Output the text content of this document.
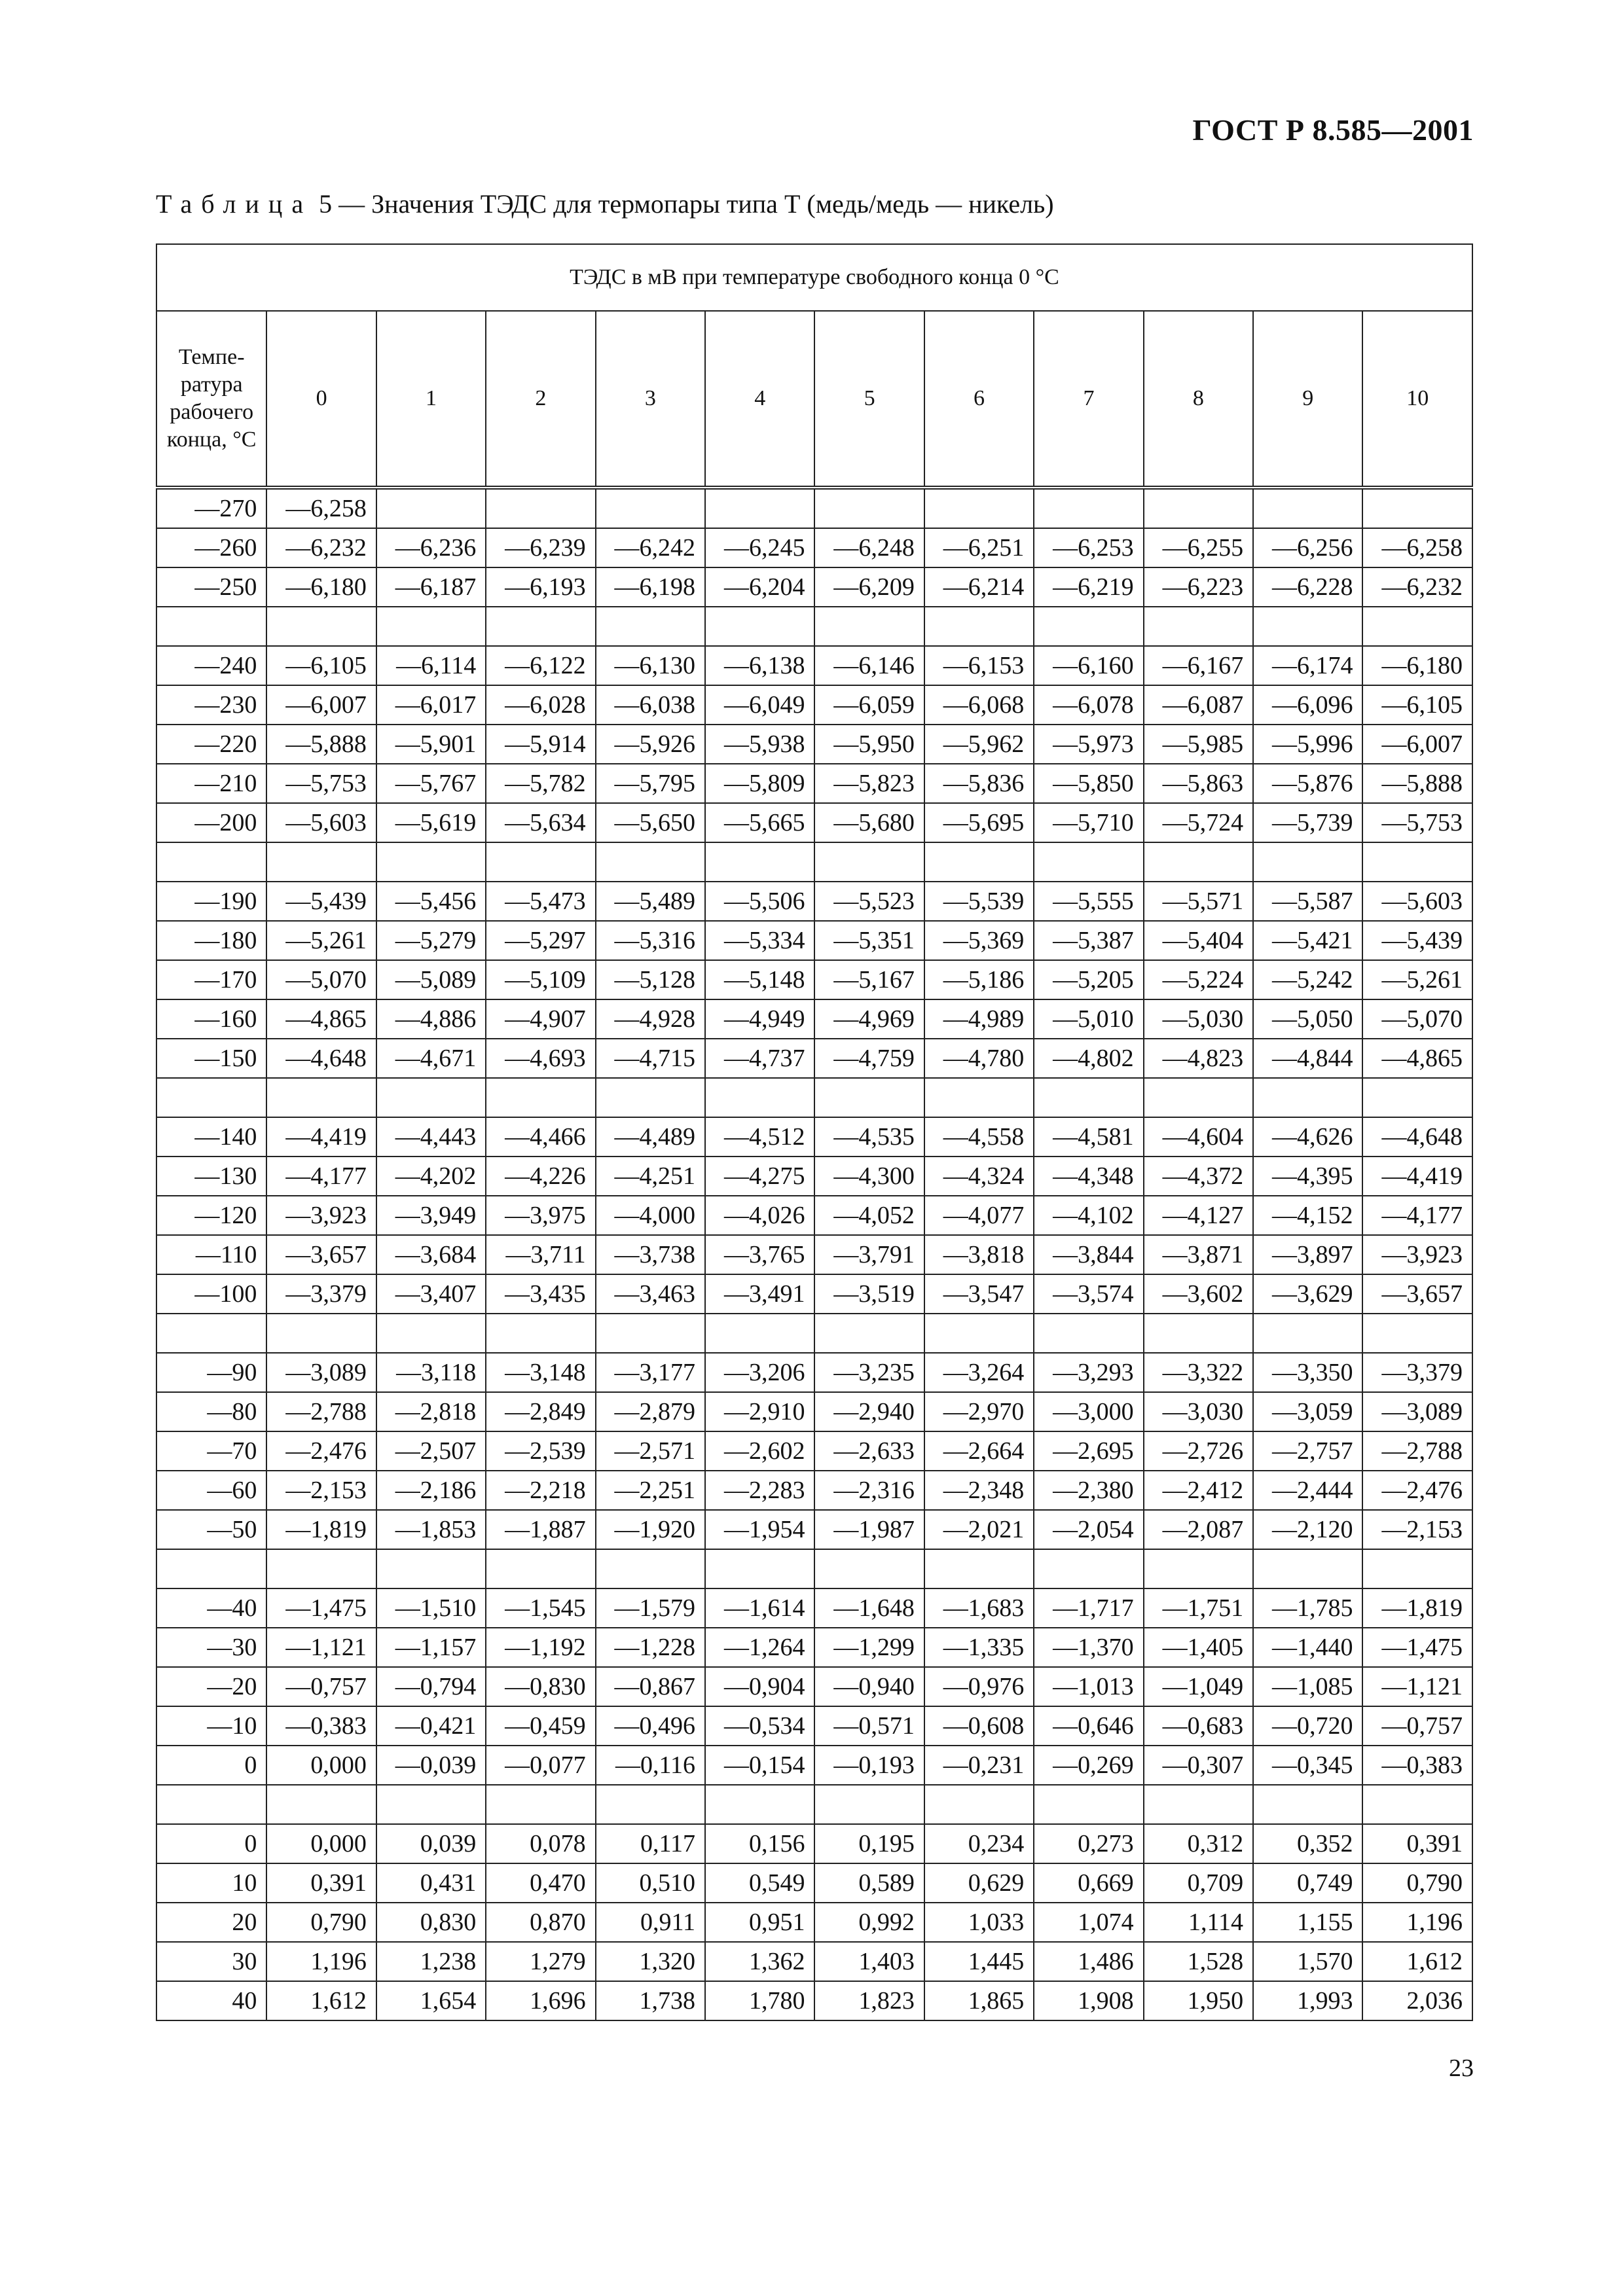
ГОСТ Р 8.585—2001
Таблица 5 — Значения ТЭДС для термопары типа Т (медь/медь — никель)
ТЭДС в мВ при температуре свободного конца 0 °С											
Темпе-ратура рабочего конца, °С	0	1	2	3	4	5	6	7	8	9	10
—270	—6,258										
—260	—6,232	—6,236	—6,239	—6,242	—6,245	—6,248	—6,251	—6,253	—6,255	—6,256	—6,258
—250	—6,180	—6,187	—6,193	—6,198	—6,204	—6,209	—6,214	—6,219	—6,223	—6,228	—6,232

—240	—6,105	—6,114	—6,122	—6,130	—6,138	—6,146	—6,153	—6,160	—6,167	—6,174	—6,180
—230	—6,007	—6,017	—6,028	—6,038	—6,049	—6,059	—6,068	—6,078	—6,087	—6,096	—6,105
—220	—5,888	—5,901	—5,914	—5,926	—5,938	—5,950	—5,962	—5,973	—5,985	—5,996	—6,007
—210	—5,753	—5,767	—5,782	—5,795	—5,809	—5,823	—5,836	—5,850	—5,863	—5,876	—5,888
—200	—5,603	—5,619	—5,634	—5,650	—5,665	—5,680	—5,695	—5,710	—5,724	—5,739	—5,753

—190	—5,439	—5,456	—5,473	—5,489	—5,506	—5,523	—5,539	—5,555	—5,571	—5,587	—5,603
—180	—5,261	—5,279	—5,297	—5,316	—5,334	—5,351	—5,369	—5,387	—5,404	—5,421	—5,439
—170	—5,070	—5,089	—5,109	—5,128	—5,148	—5,167	—5,186	—5,205	—5,224	—5,242	—5,261
—160	—4,865	—4,886	—4,907	—4,928	—4,949	—4,969	—4,989	—5,010	—5,030	—5,050	—5,070
—150	—4,648	—4,671	—4,693	—4,715	—4,737	—4,759	—4,780	—4,802	—4,823	—4,844	—4,865

—140	—4,419	—4,443	—4,466	—4,489	—4,512	—4,535	—4,558	—4,581	—4,604	—4,626	—4,648
—130	—4,177	—4,202	—4,226	—4,251	—4,275	—4,300	—4,324	—4,348	—4,372	—4,395	—4,419
—120	—3,923	—3,949	—3,975	—4,000	—4,026	—4,052	—4,077	—4,102	—4,127	—4,152	—4,177
—110	—3,657	—3,684	—3,711	—3,738	—3,765	—3,791	—3,818	—3,844	—3,871	—3,897	—3,923
—100	—3,379	—3,407	—3,435	—3,463	—3,491	—3,519	—3,547	—3,574	—3,602	—3,629	—3,657

—90	—3,089	—3,118	—3,148	—3,177	—3,206	—3,235	—3,264	—3,293	—3,322	—3,350	—3,379
—80	—2,788	—2,818	—2,849	—2,879	—2,910	—2,940	—2,970	—3,000	—3,030	—3,059	—3,089
—70	—2,476	—2,507	—2,539	—2,571	—2,602	—2,633	—2,664	—2,695	—2,726	—2,757	—2,788
—60	—2,153	—2,186	—2,218	—2,251	—2,283	—2,316	—2,348	—2,380	—2,412	—2,444	—2,476
—50	—1,819	—1,853	—1,887	—1,920	—1,954	—1,987	—2,021	—2,054	—2,087	—2,120	—2,153

—40	—1,475	—1,510	—1,545	—1,579	—1,614	—1,648	—1,683	—1,717	—1,751	—1,785	—1,819
—30	—1,121	—1,157	—1,192	—1,228	—1,264	—1,299	—1,335	—1,370	—1,405	—1,440	—1,475
—20	—0,757	—0,794	—0,830	—0,867	—0,904	—0,940	—0,976	—1,013	—1,049	—1,085	—1,121
—10	—0,383	—0,421	—0,459	—0,496	—0,534	—0,571	—0,608	—0,646	—0,683	—0,720	—0,757
0	0,000	—0,039	—0,077	—0,116	—0,154	—0,193	—0,231	—0,269	—0,307	—0,345	—0,383

0	0,000	0,039	0,078	0,117	0,156	0,195	0,234	0,273	0,312	0,352	0,391
10	0,391	0,431	0,470	0,510	0,549	0,589	0,629	0,669	0,709	0,749	0,790
20	0,790	0,830	0,870	0,911	0,951	0,992	1,033	1,074	1,114	1,155	1,196
30	1,196	1,238	1,279	1,320	1,362	1,403	1,445	1,486	1,528	1,570	1,612
40	1,612	1,654	1,696	1,738	1,780	1,823	1,865	1,908	1,950	1,993	2,036
23
